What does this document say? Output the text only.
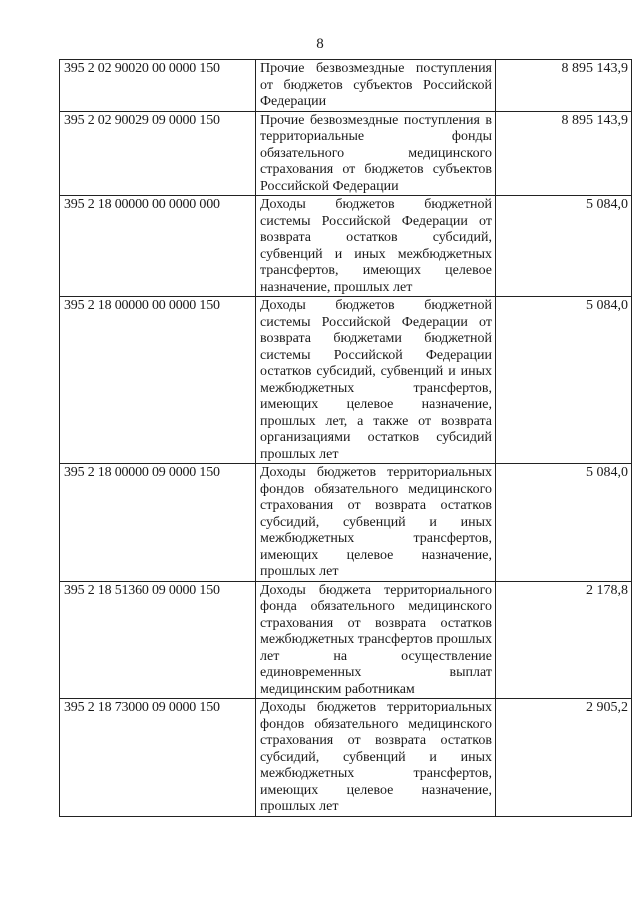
8
395 2 02 90020 00 0000 150	Прочие безвозмездные поступления от бюджетов субъектов Российской Федерации	8 895 143,9
395 2 02 90029 09 0000 150	Прочие безвозмездные поступления в территориальные фонды обязательного медицинского страхования от бюджетов субъектов Российской Федерации	8 895 143,9
395 2 18 00000 00 0000 000	Доходы бюджетов бюджетной системы Российской Федерации от возврата остатков субсидий, субвенций и иных межбюджетных трансфертов, имеющих целевое назначение, прошлых лет	5 084,0
395 2 18 00000 00 0000 150	Доходы бюджетов бюджетной системы Российской Федерации от возврата бюджетами бюджетной системы Российской Федерации остатков субсидий, субвенций и иных межбюджетных трансфертов, имеющих целевое назначение, прошлых лет, а также от возврата организациями остатков субсидий прошлых лет	5 084,0
395 2 18 00000 09 0000 150	Доходы бюджетов территориальных фондов обязательного медицинского страхования от возврата остатков субсидий, субвенций и иных межбюджетных трансфертов, имеющих целевое назначение, прошлых лет	5 084,0
395 2 18 51360 09 0000 150	Доходы бюджета территориального фонда обязательного медицинского страхования от возврата остатков межбюджетных трансфертов прошлых лет на осуществление единовременных выплат медицинским работникам	2 178,8
395 2 18 73000 09 0000 150	Доходы бюджетов территориальных фондов обязательного медицинского страхования от возврата остатков субсидий, субвенций и иных межбюджетных трансфертов, имеющих целевое назначение, прошлых лет	2 905,2
